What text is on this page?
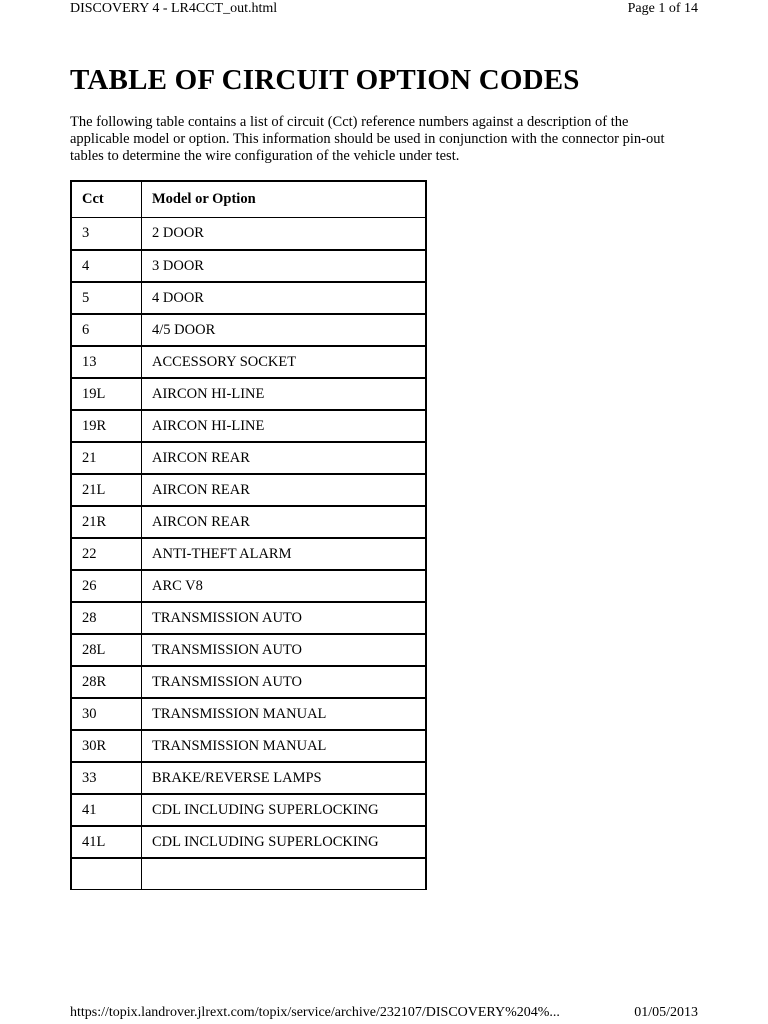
DISCOVERY 4 - LR4CCT_out.html	Page 1 of 14
TABLE OF CIRCUIT OPTION CODES

The following table contains a list of circuit (Cct) reference numbers against a description of the applicable model or option. This information should be used in conjunction with the connector pin-out tables to determine the wire configuration of the vehicle under test.

Cct	Model or Option
3	2 DOOR
4	3 DOOR
5	4 DOOR
6	4/5 DOOR
13	ACCESSORY SOCKET
19L	AIRCON HI-LINE
19R	AIRCON HI-LINE
21	AIRCON REAR
21L	AIRCON REAR
21R	AIRCON REAR
22	ANTI-THEFT ALARM
26	ARC V8
28	TRANSMISSION AUTO
28L	TRANSMISSION AUTO
28R	TRANSMISSION AUTO
30	TRANSMISSION MANUAL
30R	TRANSMISSION MANUAL
33	BRAKE/REVERSE LAMPS
41	CDL INCLUDING SUPERLOCKING
41L	CDL INCLUDING SUPERLOCKING

https://topix.landrover.jlrext.com/topix/service/archive/232107/DISCOVERY%204%...	01/05/2013
